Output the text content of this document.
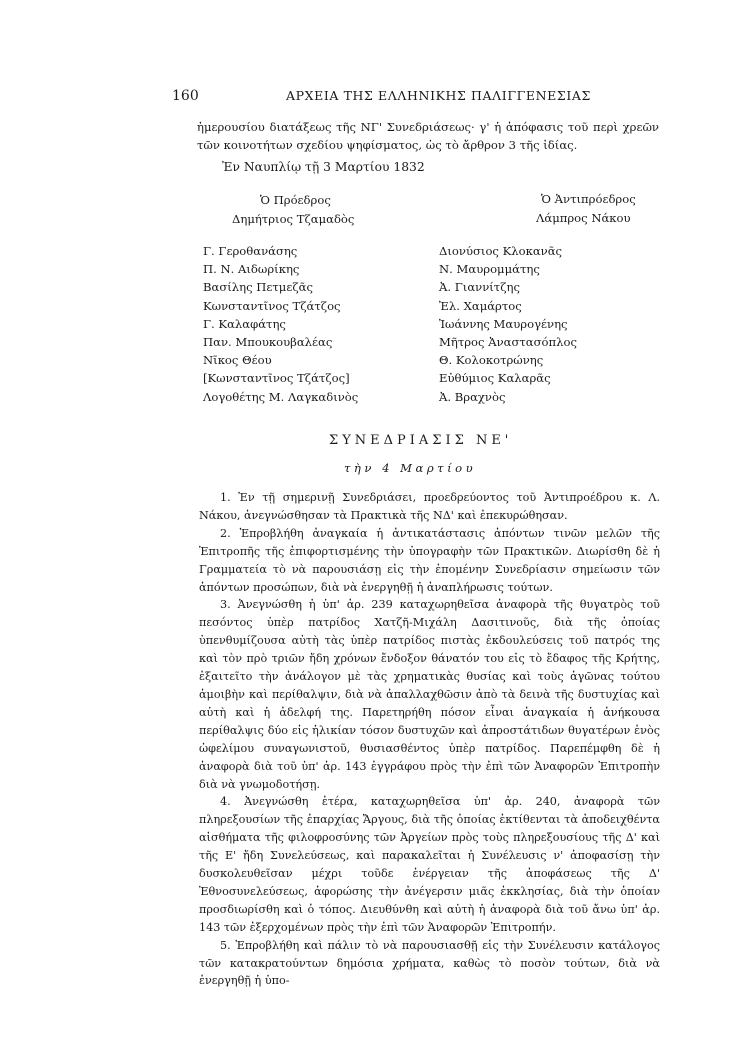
160	ΑΡΧΕΙΑ ΤΗΣ ΕΛΛΗΝΙΚΗΣ ΠΑΛΙΓΓΕΝΕΣΙΑΣ
ἡμερουσίου διατάξεως τῆς ΝΓ' Συνεδριάσεως· γ' ἡ ἀπόφασις τοῦ περὶ χρεῶν τῶν κοινοτήτων σχεδίου ψηφίσματος, ὡς τὸ ἄρθρον 3 τῆς ἰδίας.
Ἐν Ναυπλίῳ τῇ 3 Μαρτίου 1832
Ὁ Πρόεδρος
Δημήτριος Τζαμαδὸς
Ὁ Ἀντιπρόεδρος
Λάμπρος Νάκου
Γ. Γεροθανάσης
Π. Ν. Αιδωρίκης
Βασίλης Πετμεζᾶς
Κωνσταντῖνος Τζάτζος
Γ. Καλαφάτης
Παν. Μπουκουβαλέας
Νῖκος Θέου
[Κωνσταντῖνος Τζάτζος]
Λογοθέτης Μ. Λαγκαδινὸς
Διονύσιος Κλοκανᾶς
Ν. Μαυρομμάτης
Ἀ. Γιαννίτζης
Ἐλ. Χαμάρτος
Ἰωάννης Μαυρογένης
Μῆτρος Ἀναστασόπλος
Θ. Κολοκοτρώνης
Εὐθύμιος Καλαρᾶς
Ἀ. Βραχνὸς
ΣΥΝΕΔΡΙΑΣΙΣ ΝΕ'
τὴν 4 Μαρτίου

1. Ἐν τῇ σημερινῇ Συνεδριάσει, προεδρεύοντος τοῦ Ἀντιπροέδρου κ. Λ. Νάκου, ἀνεγνώσθησαν τὰ Πρακτικὰ τῆς ΝΔ' καὶ ἐπεκυρώθησαν.

2. Ἐπροβλήθη ἀναγκαία ἡ ἀντικατάστασις ἀπόντων τινῶν μελῶν τῆς Ἐπιτροπῆς τῆς ἐπιφορτισμένης τὴν ὑπογραφὴν τῶν Πρακτικῶν. Διωρίσθη δὲ ἡ Γραμματεία τὸ νὰ παρουσιάσῃ εἰς τὴν ἐπομένην Συνεδρίασιν σημείωσιν τῶν ἀπόντων προσώπων, διὰ νὰ ἐνεργηθῇ ἡ ἀναπλήρωσις τούτων.

3. Ἀνεγνώσθη ἡ ὑπ' ἀρ. 239 καταχωρηθεῖσα ἀναφορὰ τῆς θυγατρὸς τοῦ πεσόντος ὑπὲρ πατρίδος Χατζῆ-Μιχάλη Δασιτινοῦς, διὰ τῆς ὁποίας ὑπενθυμίζουσα αὐτὴ τὰς ὑπὲρ πατρίδος πιστὰς ἐκδουλεύσεις τοῦ πατρός της καὶ τὸν πρὸ τριῶν ἤδη χρόνων ἔνδοξον θάνατόν του εἰς τὸ ἔδαφος τῆς Κρήτης, ἐξαιτεῖτο τὴν ἀνάλογον μὲ τὰς χρηματικὰς θυσίας καὶ τοὺς ἀγῶνας τούτου ἀμοιβὴν καὶ περίθαλψιν, διὰ νὰ ἀπαλλαχθῶσιν ἀπὸ τὰ δεινὰ τῆς δυστυχίας καὶ αὐτὴ καὶ ἡ ἀδελφή της. Παρετηρήθη πόσον εἶναι ἀναγκαία ἡ ἀνήκουσα περίθαλψις δύο εἰς ἡλικίαν τόσον δυστυχῶν καὶ ἀπροστάτιδων θυγατέρων ἑνὸς ὠφελίμου συναγωνιστοῦ, θυσιασθέντος ὑπὲρ πατρίδος. Παρεπέμφθη δὲ ἡ ἀναφορὰ διὰ τοῦ ὑπ' ἀρ. 143 ἐγγράφου πρὸς τὴν ἐπὶ τῶν Ἀναφορῶν Ἐπιτροπὴν διὰ νὰ γνωμοδοτήσῃ.

4. Ἀνεγνώσθη ἑτέρα, καταχωρηθεῖσα ὑπ' ἀρ. 240, ἀναφορὰ τῶν πληρεξουσίων τῆς ἐπαρχίας Ἄργους, διὰ τῆς ὁποίας ἐκτίθενται τὰ ἀποδειχθέντα αἰσθήματα τῆς φιλοφροσύνης τῶν Ἀργείων πρὸς τοὺς πληρεξουσίους τῆς Δ' καὶ τῆς Ε' ἤδη Συνελεύσεως, καὶ παρακαλεῖται ἡ Συνέλευσις ν' ἀποφασίσῃ τὴν δυσκολευθεῖσαν μέχρι τοῦδε ἐνέργειαν τῆς ἀποφάσεως τῆς Δ' Ἐθνοσυνελεύσεως, ἀφορώσης τὴν ἀνέγερσιν μιᾶς ἐκκλησίας, διὰ τὴν ὁποίαν προσδιωρίσθη καὶ ὁ τόπος. Διευθύνθη καὶ αὐτὴ ἡ ἀναφορὰ διὰ τοῦ ἄνω ὑπ' ἀρ. 143 τῶν ἐξερχομένων πρὸς τὴν ἐπὶ τῶν Ἀναφορῶν Ἐπιτροπήν.

5. Ἐπροβλήθη καὶ πάλιν τὸ νὰ παρουσιασθῇ εἰς τὴν Συνέλευσιν κατάλογος τῶν κατακρατούντων δημόσια χρήματα, καθὼς τὸ ποσὸν τούτων, διὰ νὰ ἐνεργηθῇ ἡ ὑπο-
